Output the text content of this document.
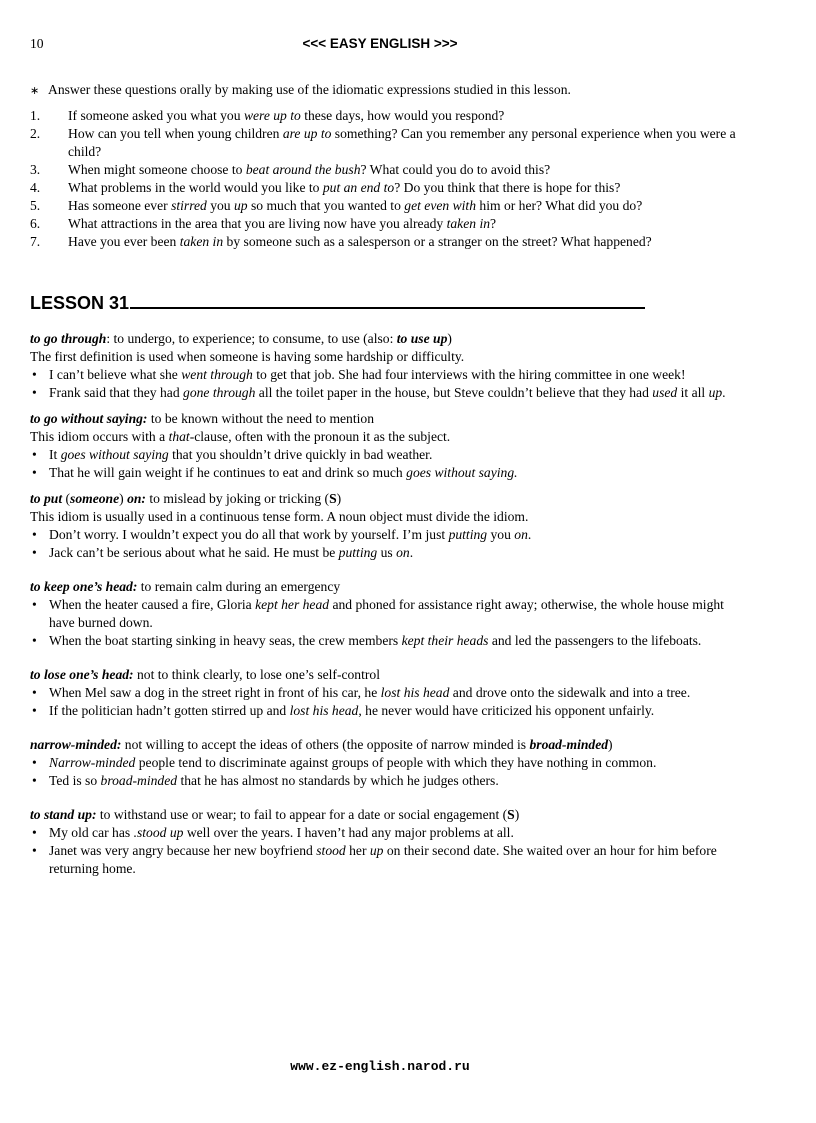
10	<<< EASY ENGLISH >>>
∗ Answer these questions orally by making use of the idiomatic expressions studied in this lesson.
1. If someone asked you what you were up to these days, how would you respond?
2. How can you tell when young children are up to something? Can you remember any personal experience when you were a child?
3. When might someone choose to beat around the bush? What could you do to avoid this?
4. What problems in the world would you like to put an end to? Do you think that there is hope for this?
5. Has someone ever stirred you up so much that you wanted to get even with him or her? What did you do?
6. What attractions in the area that you are living now have you already taken in?
7. Have you ever been taken in by someone such as a salesperson or a stranger on the street? What happened?
LESSON 31
to go through: to undergo, to experience; to consume, to use (also: to use up)
The first definition is used when someone is having some hardship or difficulty.
• I can’t believe what she went through to get that job. She had four interviews with the hiring committee in one week!
• Frank said that they had gone through all the toilet paper in the house, but Steve couldn’t believe that they had used it all up.
to go without saying: to be known without the need to mention
This idiom occurs with a that-clause, often with the pronoun it as the subject.
• It goes without saying that you shouldn’t drive quickly in bad weather.
• That he will gain weight if he continues to eat and drink so much goes without saying.
to put (someone) on: to mislead by joking or tricking (S)
This idiom is usually used in a continuous tense form. A noun object must divide the idiom.
• Don’t worry. I wouldn’t expect you do all that work by yourself. I’m just putting you on.
• Jack can’t be serious about what he said. He must be putting us on.
to keep one’s head: to remain calm during an emergency
• When the heater caused a fire, Gloria kept her head and phoned for assistance right away; otherwise, the whole house might have burned down.
• When the boat starting sinking in heavy seas, the crew members kept their heads and led the passengers to the lifeboats.
to lose one’s head: not to think clearly, to lose one’s self-control
• When Mel saw a dog in the street right in front of his car, he lost his head and drove onto the sidewalk and into a tree.
• If the politician hadn’t gotten stirred up and lost his head, he never would have criticized his opponent unfairly.
narrow-minded: not willing to accept the ideas of others (the opposite of narrow minded is broad-minded)
• Narrow-minded people tend to discriminate against groups of people with which they have nothing in common.
• Ted is so broad-minded that he has almost no standards by which he judges others.
to stand up: to withstand use or wear; to fail to appear for a date or social engagement (S)
• My old car has .stood up well over the years. I haven’t had any major problems at all.
• Janet was very angry because her new boyfriend stood her up on their second date. She waited over an hour for him before returning home.
www.ez-english.narod.ru
